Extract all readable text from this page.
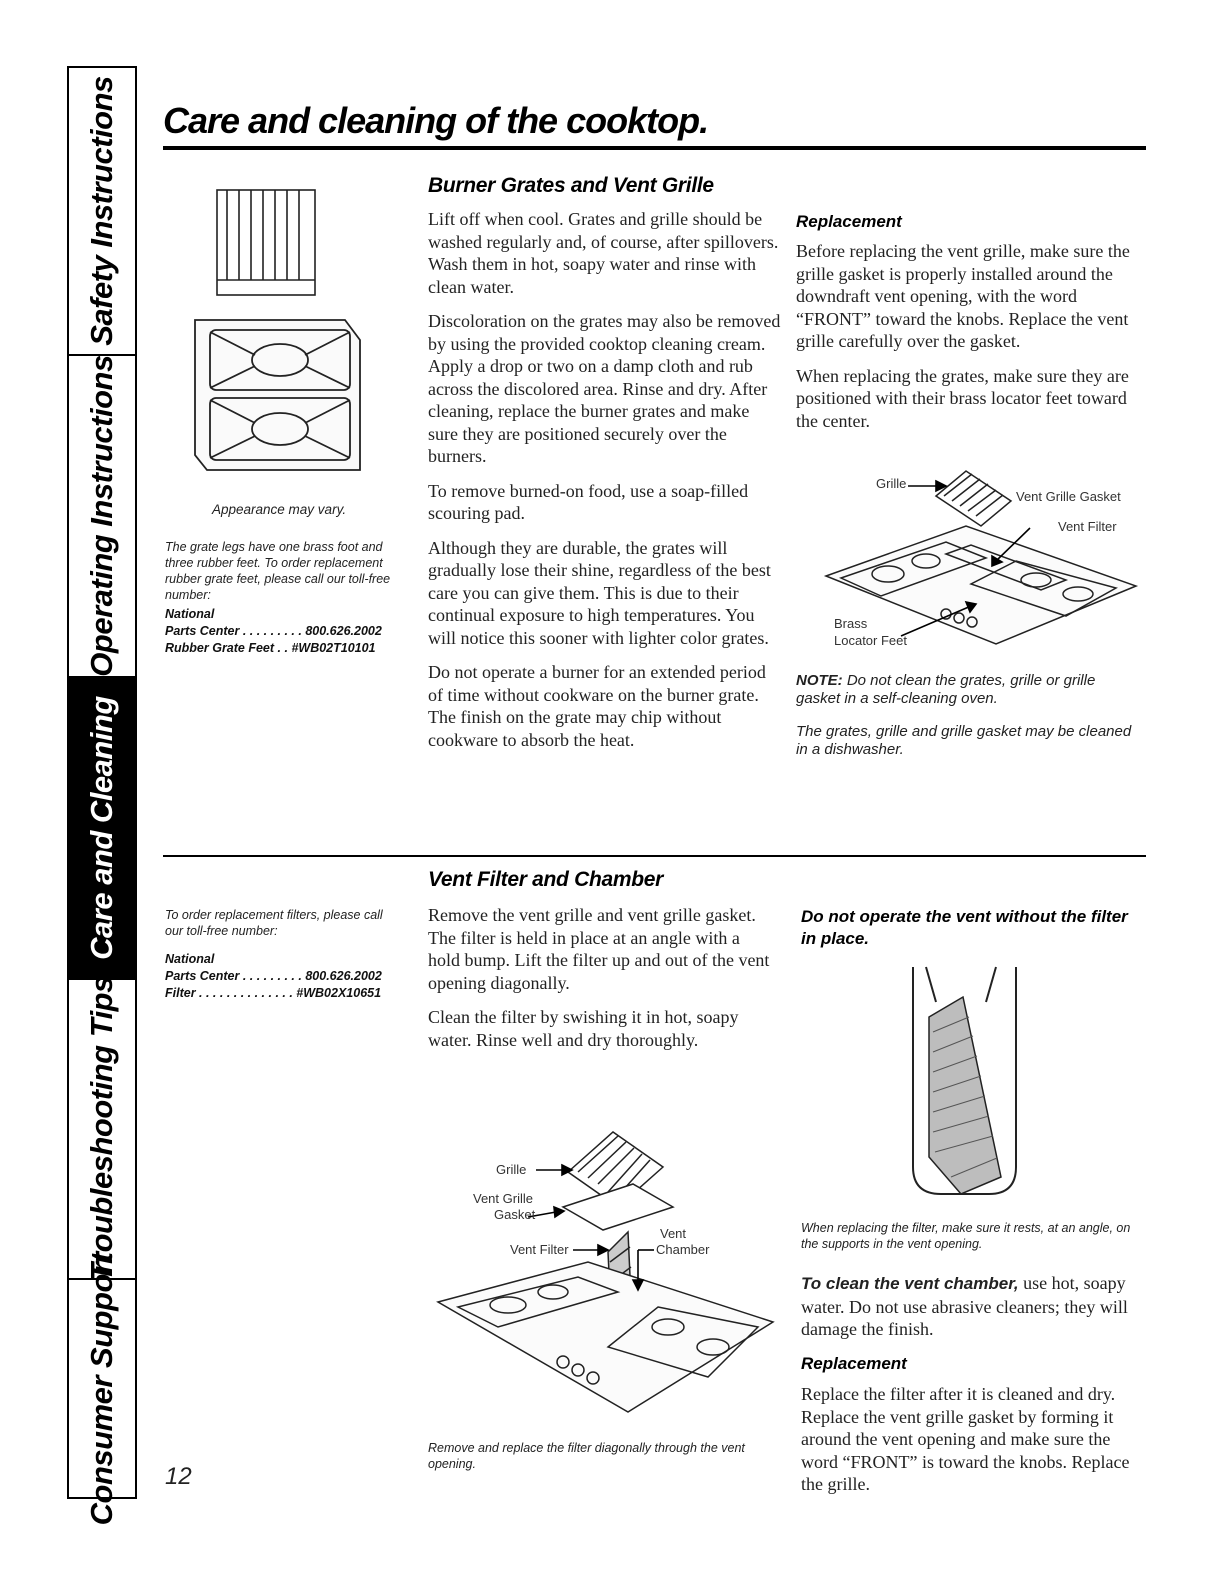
Safety Instructions
Operating Instructions
Care and Cleaning
Troubleshooting Tips
Consumer Support
Care and cleaning of the cooktop.
Appearance may vary.
The grate legs have one brass foot and three rubber feet. To order replacement rubber grate feet, please call our toll-free number:
National
Parts Center . . . . . . . . . 800.626.2002
Rubber Grate Feet . . #WB02T10101
Burner Grates and Vent Grille

Lift off when cool. Grates and grille should be washed regularly and, of course, after spillovers. Wash them in hot, soapy water and rinse with clean water.

Discoloration on the grates may also be removed by using the provided cooktop cleaning cream. Apply a drop or two on a damp cloth and rub across the discolored area. Rinse and dry. After cleaning, replace the burner grates and make sure they are positioned securely over the burners.

To remove burned-on food, use a soap-filled scouring pad.

Although they are durable, the grates will gradually lose their shine, regardless of the best care you can give them. This is due to their continual exposure to high temperatures. You will notice this sooner with lighter color grates.

Do not operate a burner for an extended period of time without cookware on the burner grate. The finish on the grate may chip without cookware to absorb the heat.

Replacement

Before replacing the vent grille, make sure the grille gasket is properly installed around the downdraft vent opening, with the word “FRONT” toward the knobs. Replace the vent grille carefully over the gasket.

When replacing the grates, make sure they are positioned with their brass locator feet toward the center.

Grille
Vent Grille Gasket
Vent Filter
Brass
Locator Feet
NOTE: Do not clean the grates, grille or grille gasket in a self-cleaning oven.
The grates, grille and grille gasket may be cleaned in a dishwasher.
To order replacement filters, please call our toll-free number:
National
Parts Center . . . . . . . . . 800.626.2002
Filter . . . . . . . . . . . . . . #WB02X10651
Vent Filter and Chamber

Remove the vent grille and vent grille gasket. The filter is held in place at an angle with a hold bump. Lift the filter up and out of the vent opening diagonally.

Clean the filter by swishing it in hot, soapy water. Rinse well and dry thoroughly.

Grille
Vent Grille
Gasket
Vent Filter
Vent
Chamber
Remove and replace the filter diagonally through the vent opening.
12
Do not operate the vent without the filter in place.
When replacing the filter, make sure it rests, at an angle, on the supports in the vent opening.
To clean the vent chamber, use hot, soapy water. Do not use abrasive cleaners; they will damage the finish.
Replacement
Replace the filter after it is cleaned and dry. Replace the vent grille gasket by forming it around the vent opening and make sure the word “FRONT” is toward the knobs. Replace the grille.
